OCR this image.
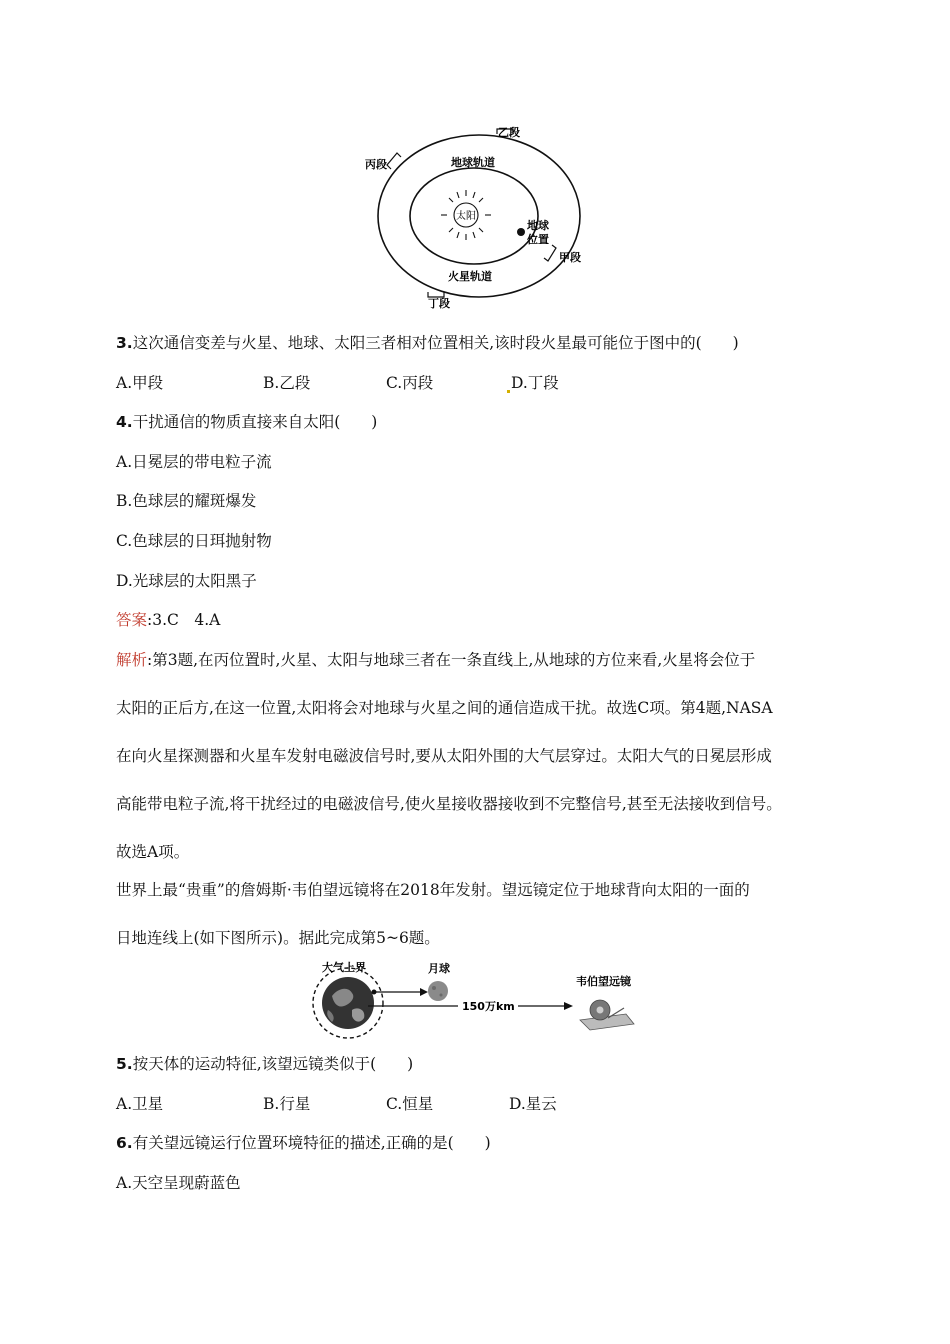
太阳
地球轨道
地球
位置
火星轨道
乙段
丙段
甲段
丁段
3.这次通信变差与火星、地球、太阳三者相对位置相关,该时段火星最可能位于图中的(　　)
A.甲段	B.乙段	C.丙段	D.丁段
4.干扰通信的物质直接来自太阳(　　)
A.日冕层的带电粒子流
B.色球层的耀斑爆发
C.色球层的日珥抛射物
D.光球层的太阳黑子
答案:3.C　4.A
解析:第3题,在丙位置时,火星、太阳与地球三者在一条直线上,从地球的方位来看,火星将会位于
太阳的正后方,在这一位置,太阳将会对地球与火星之间的通信造成干扰。故选C项。第4题,NASA
在向火星探测器和火星车发射电磁波信号时,要从太阳外围的大气层穿过。太阳大气的日冕层形成
高能带电粒子流,将干扰经过的电磁波信号,使火星接收器接收到不完整信号,甚至无法接收到信号。
故选A项。
世界上最“贵重”的詹姆斯·韦伯望远镜将在2018年发射。望远镜定位于地球背向太阳的一面的
日地连线上(如下图所示)。据此完成第5~6题。
大气上界	月球
150万km
韦伯望远镜
5.按天体的运动特征,该望远镜类似于(　　)
A.卫星	B.行星	C.恒星	D.星云
6.有关望远镜运行位置环境特征的描述,正确的是(　　)
A.天空呈现蔚蓝色
